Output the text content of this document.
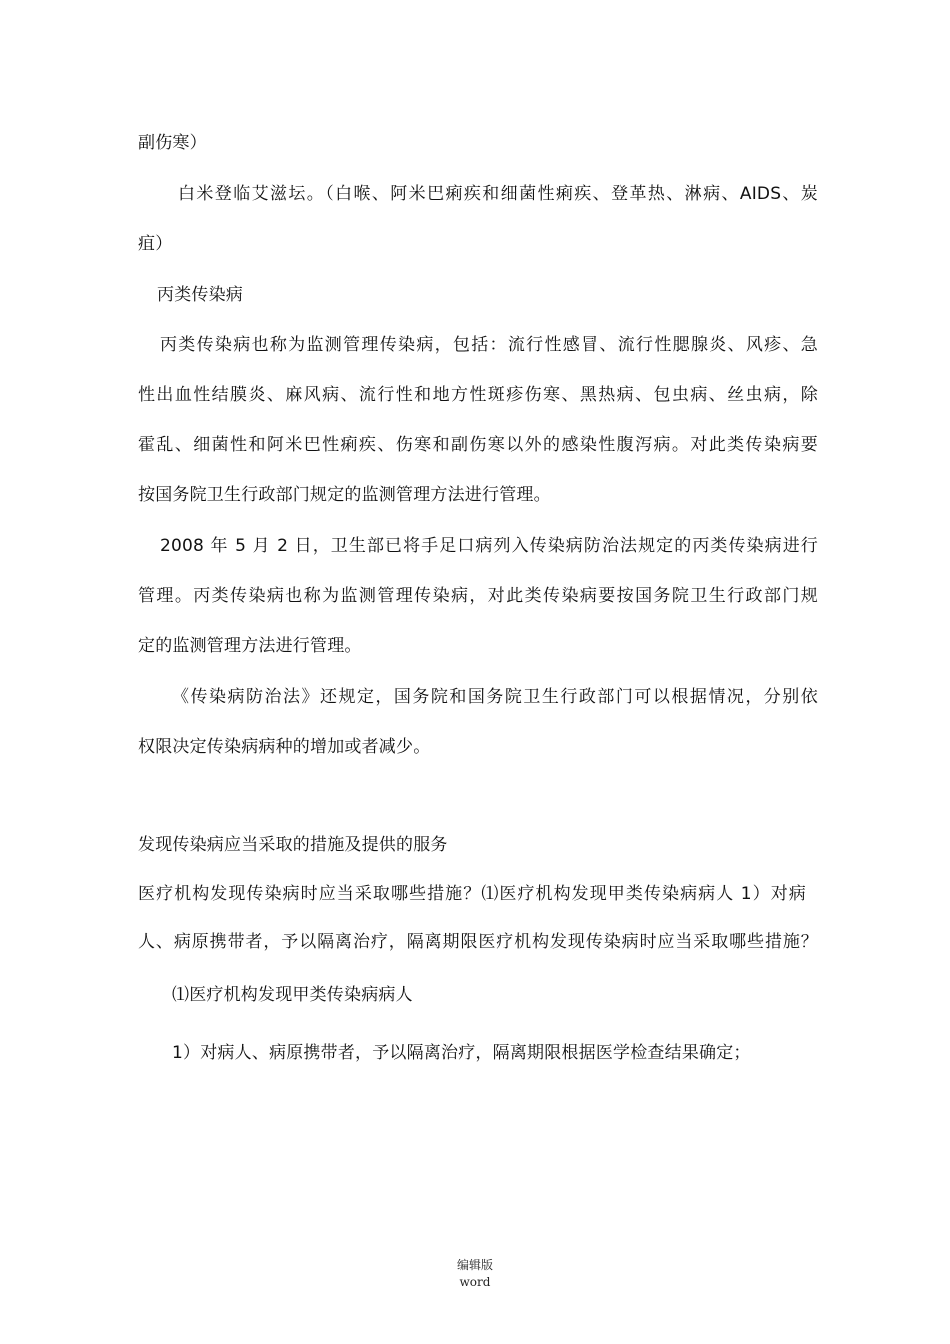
副伤寒）
白米登临艾滋坛。（白喉、阿米巴痢疾和细菌性痢疾、登革热、淋病、AIDS、炭
疽）
丙类传染病
丙类传染病也称为监测管理传染病，包括：流行性感冒、流行性腮腺炎、风疹、急
性出血性结膜炎、麻风病、流行性和地方性斑疹伤寒、黑热病、包虫病、丝虫病，除
霍乱、细菌性和阿米巴性痢疾、伤寒和副伤寒以外的感染性腹泻病。对此类传染病要
按国务院卫生行政部门规定的监测管理方法进行管理。
2008 年 5 月 2 日，卫生部已将手足口病列入传染病防治法规定的丙类传染病进行
管理。丙类传染病也称为监测管理传染病，对此类传染病要按国务院卫生行政部门规
定的监测管理方法进行管理。
《传染病防治法》还规定，国务院和国务院卫生行政部门可以根据情况，分别依
权限决定传染病病种的增加或者减少。
发现传染病应当采取的措施及提供的服务
医疗机构发现传染病时应当采取哪些措施？⑴医疗机构发现甲类传染病病人 1）对病
人、病原携带者，予以隔离治疗，隔离期限医疗机构发现传染病时应当采取哪些措施？
⑴医疗机构发现甲类传染病病人
1）对病人、病原携带者，予以隔离治疗，隔离期限根据医学检查结果确定；
编辑版
word
